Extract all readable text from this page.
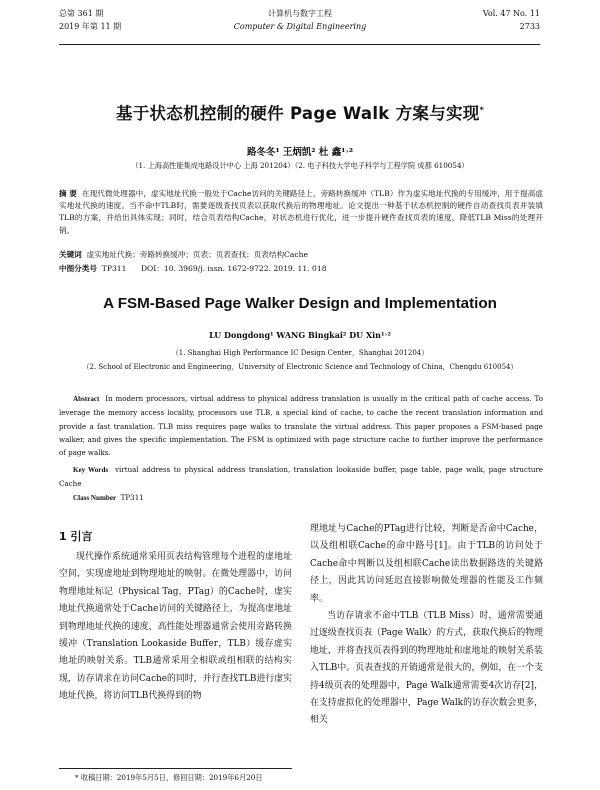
总第 361 期
2019 年第 11 期
计算机与数字工程
Computer & Digital Engineering
Vol. 47 No. 11
2733
基于状态机控制的硬件 Page Walk 方案与实现*
路冬冬¹ 王炳凯² 杜 鑫¹˒²
（1. 上海高性能集成电路设计中心 上海 201204）（2. 电子科技大学电子科学与工程学院 成都 610054）
摘 要 在现代微处理器中，虚实地址代换一般处于Cache访问的关键路径上，旁路转换缓冲（TLB）作为虚实地址代换的专用缓冲，用于提高虚实地址代换的速度。当不命中TLB时，需要逐级查找页表以获取代换后的物理地址。论文提出一种基于状态机控制的硬件自动查找页表并装填TLB的方案，并给出具体实现；同时，结合页表结构Cache，对状态机进行优化，进一步提升硬件查找页表的速度，降低TLB Miss的处理开销。
关键词 虚实地址代换；旁路转换缓冲；页表；页表查找；页表结构Cache
中图分类号 TP311 DOI：10. 3969/j. issn. 1672-9722. 2019. 11. 018
A FSM-Based Page Walker Design and Implementation
LU Dongdong¹ WANG Bingkai² DU Xin¹˒²
（1. Shanghai High Performance IC Design Center，Shanghai 201204）
（2. School of Electronic and Engineering，University of Electronic Science and Technology of China，Chengdu 610054）
Abstract In modern processors, virtual address to physical address translation is usually in the critical path of cache access. To leverage the memory access locality, processors use TLB, a special kind of cache, to cache the recent translation information and provide a fast translation. TLB miss requires page walks to translate the virtual address. This paper proposes a FSM-based page walker, and gives the specific implementation. The FSM is optimized with page structure cache to further improve the performance of page walks.
Key Words virtual address to physical address translation, translation lookaside buffer, page table, page walk, page structure Cache
Class Number TP311
1 引言

现代操作系统通常采用页表结构管理每个进程的虚地址空间，实现虚地址到物理地址的映射。在微处理器中，访问物理地址标记（Physical Tag，PTag）的Cache时，虚实地址代换通常处于Cache访问的关键路径上，为提高虚地址到物理地址代换的速度，高性能处理器通常会使用旁路转换缓冲（Translation Lookaside Buffer，TLB）缓存虚实地址的映射关系。TLB通常采用全相联或组相联的结构实现，访存请求在访问Cache的同时，并行查找TLB进行虚实地址代换，将访问TLB代换得到的物

理地址与Cache的PTag进行比较，判断是否命中Cache，以及组相联Cache的命中路号[1]。由于TLB的访问处于Cache命中判断以及组相联Cache读出数据路选的关键路径上，因此其访问延迟直接影响微处理器的性能及工作频率。

当访存请求不命中TLB（TLB Miss）时，通常需要通过逐级查找页表（Page Walk）的方式，获取代换后的物理地址，并将查找页表得到的物理地址和虚地址的映射关系装入TLB中。页表查找的开销通常是很大的，例如，在一个支持4级页表的处理器中，Page Walk通常需要4次访存[2]，在支持虚拟化的处理器中，Page Walk的访存次数会更多，相关

* 收稿日期：2019年5月5日，修回日期：2019年6月20日
